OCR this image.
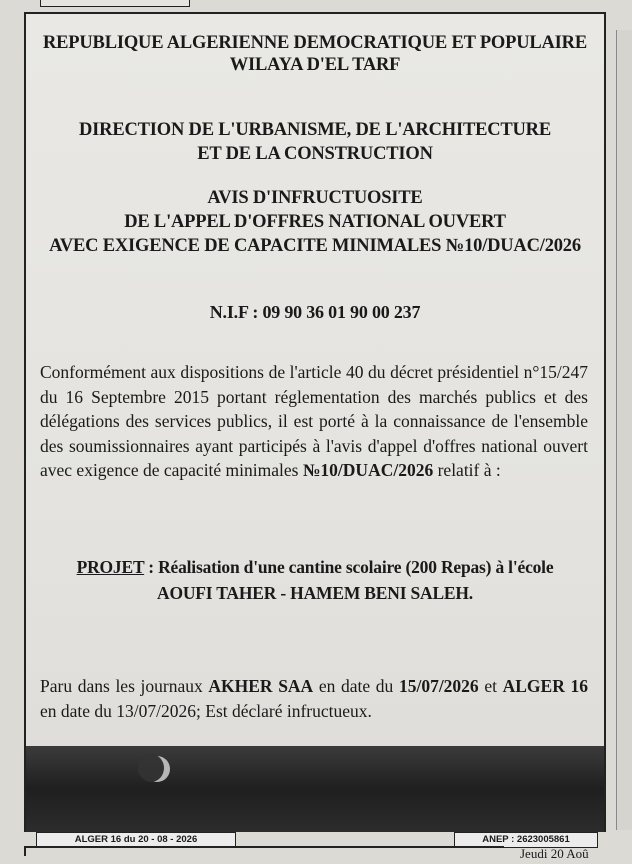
REPUBLIQUE ALGERIENNE DEMOCRATIQUE ET POPULAIRE
WILAYA D'EL TARF
DIRECTION DE L'URBANISME, DE L'ARCHITECTURE
ET DE LA CONSTRUCTION
AVIS D'INFRUCTUOSITE
DE L'APPEL D'OFFRES NATIONAL OUVERT
AVEC EXIGENCE DE CAPACITE MINIMALES №10/DUAC/2026
N.I.F : 09 90 36 01 90 00 237
Conformément aux dispositions de l'article 40 du décret présidentiel n°15/247 du 16 Septembre 2015 portant réglementation des marchés publics et des délégations des services publics, il est porté à la connaissance de l'ensemble des soumissionnaires ayant participés à l'avis d'appel d'offres national ouvert avec exigence de capacité minimales №10/DUAC/2026 relatif à :
PROJET : Réalisation d'une cantine scolaire (200 Repas) à l'école
AOUFI TAHER - HAMEM BENI SALEH.
Paru dans les journaux AKHER SAA en date du 15/07/2026 et ALGER 16 en date du 13/07/2026; Est déclaré infructueux.
ALGER 16 du 20 - 08 - 2026	ANEP : 2623005861
Jeudi 20 Aoû
